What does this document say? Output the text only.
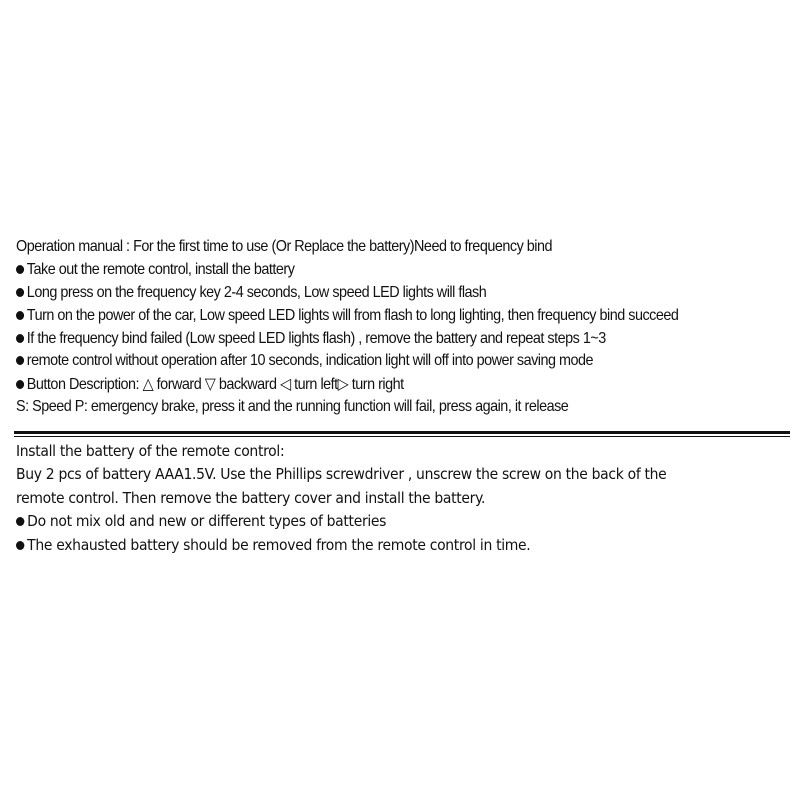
Operation manual : For the first time to use (Or Replace the battery)Need to frequency bind
Take out the remote control, install the battery
Long press on the frequency key 2-4 seconds, Low speed LED lights will flash
Turn on the power of the car, Low speed LED lights will from flash to long lighting, then frequency bind succeed
If the frequency bind failed (Low speed LED lights flash) , remove the battery and repeat steps 1~3
remote control without operation after 10 seconds, indication light will off into power saving mode
Button Description: △ forward ▽ backward ◁ turn left▷ turn right
S: Speed P: emergency brake, press it and the running function will fail, press again, it release
Install the battery of the remote control:
Buy 2 pcs of battery AAA1.5V. Use the Phillips screwdriver , unscrew the screw on the back of the
remote control. Then remove the battery cover and install the battery.
Do not mix old and new or different types of batteries
The exhausted battery should be removed from the remote control in time.
